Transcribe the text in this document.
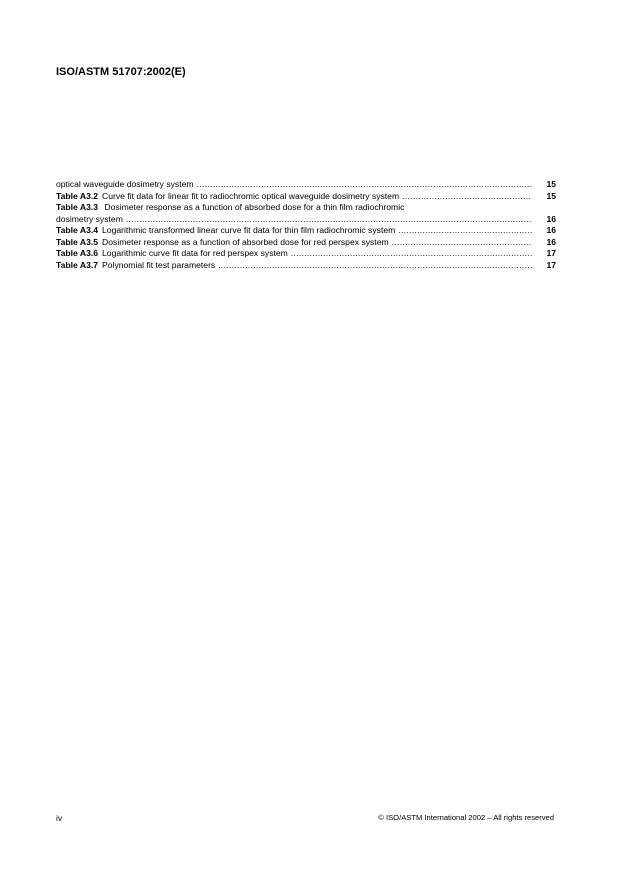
ISO/ASTM 51707:2002(E)
optical waveguide dosimetry system .....	15
Table A3.2 Curve fit data for linear fit to radiochromic optical waveguide dosimetry system .....	15
Table A3.3 Dosimeter response as a function of absorbed dose for a thin film radiochromic
dosimetry system .....	16
Table A3.4 Logarithmic transformed linear curve fit data for thin film radiochromic system .....	16
Table A3.5 Dosimeter response as a function of absorbed dose for red perspex system .....	16
Table A3.6 Logarithmic curve fit data for red perspex system .....	17
Table A3.7 Polynomial fit test parameters .....	17
iv	© ISO/ASTM International 2002 – All rights reserved
